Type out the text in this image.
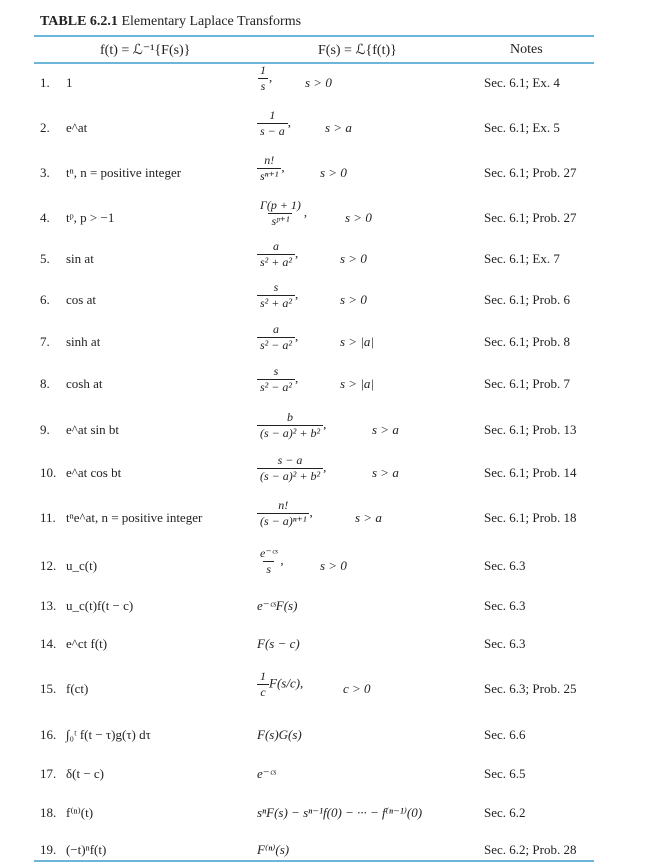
TABLE 6.2.1 Elementary Laplace Transforms
f(t) = ℒ⁻¹{F(s)}	F(s) = ℒ{f(t)}	Notes
1. 1	$\frac{1}{s}$ ,	s > 0	Sec. 6.1; Ex. 4
2. e^at	$\frac{1}{s - a}$ ,	s > a	Sec. 6.1; Ex. 5
3. tⁿ, n = positive integer	$\frac{n!}{\text{sⁿ⁺¹}}$ ,	s > 0	Sec. 6.1; Prob. 27
4. tᵖ, p > −1	$\frac{\Gamma(p + 1)}{\text{sᵖ⁺¹}}$ ,	s > 0	Sec. 6.1; Prob. 27
5. sin at	$\frac{a}{\text{s² + a²}}$ ,	s > 0	Sec. 6.1; Ex. 7
6. cos at	$\frac{s}{\text{s² + a²}}$ ,	s > 0	Sec. 6.1; Prob. 6
7. sinh at	$\frac{a}{\text{s² − a²}}$ ,	s > |a|	Sec. 6.1; Prob. 8
8. cosh at	$\frac{s}{\text{s² − a²}}$ ,	s > |a|	Sec. 6.1; Prob. 7
9. e^at sin bt	$\frac{b}{\text{(s − a)² + b²}}$ ,	s > a	Sec. 6.1; Prob. 13
10. e^at cos bt	$\frac{s - a}{\text{(s − a)² + b²}}$ ,	s > a	Sec. 6.1; Prob. 14
11. tⁿe^at, n = positive integer	$\frac{n!}{\text{(s − a)ⁿ⁺¹}}$ ,	s > a	Sec. 6.1; Prob. 18
12. u_c(t)	$\frac{\text{e⁻ᶜˢ}}{s}$ ,	s > 0	Sec. 6.3
13. u_c(t)f(t − c)	e⁻ᶜˢF(s)	Sec. 6.3
14. e^ct f(t)	F(s − c)	Sec. 6.3
15. f(ct)	$\frac{1}{c} F(s/c)$,	c > 0	Sec. 6.3; Prob. 25
16. ∫₀ᵗ f(t − τ)g(τ) dτ	F(s)G(s)	Sec. 6.6
17. δ(t − c)	e⁻ᶜˢ	Sec. 6.5
18. f⁽ⁿ⁾(t)	sⁿF(s) − sⁿ⁻¹f(0) − ··· − f⁽ⁿ⁻¹⁾(0)	Sec. 6.2
19. (−t)ⁿf(t)	F⁽ⁿ⁾(s)	Sec. 6.2; Prob. 28
